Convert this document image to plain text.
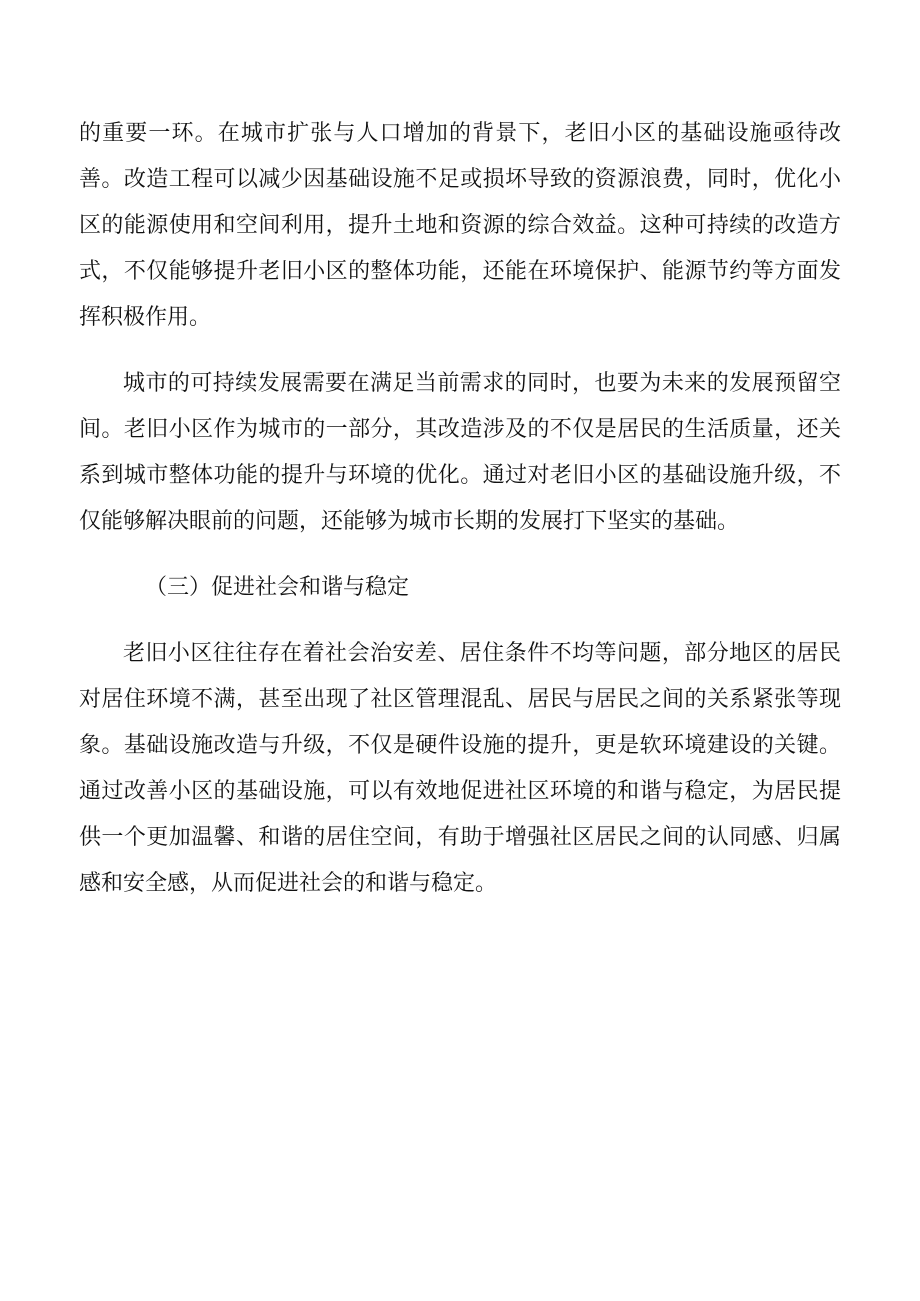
的重要一环。在城市扩张与人口增加的背景下，老旧小区的基础设施亟待改善。改造工程可以减少因基础设施不足或损坏导致的资源浪费，同时，优化小区的能源使用和空间利用，提升土地和资源的综合效益。这种可持续的改造方式，不仅能够提升老旧小区的整体功能，还能在环境保护、能源节约等方面发挥积极作用。

城市的可持续发展需要在满足当前需求的同时，也要为未来的发展预留空间。老旧小区作为城市的一部分，其改造涉及的不仅是居民的生活质量，还关系到城市整体功能的提升与环境的优化。通过对老旧小区的基础设施升级，不仅能够解决眼前的问题，还能够为城市长期的发展打下坚实的基础。

（三）促进社会和谐与稳定

老旧小区往往存在着社会治安差、居住条件不均等问题，部分地区的居民对居住环境不满，甚至出现了社区管理混乱、居民与居民之间的关系紧张等现象。基础设施改造与升级，不仅是硬件设施的提升，更是软环境建设的关键。通过改善小区的基础设施，可以有效地促进社区环境的和谐与稳定，为居民提供一个更加温馨、和谐的居住空间，有助于增强社区居民之间的认同感、归属感和安全感，从而促进社会的和谐与稳定。
